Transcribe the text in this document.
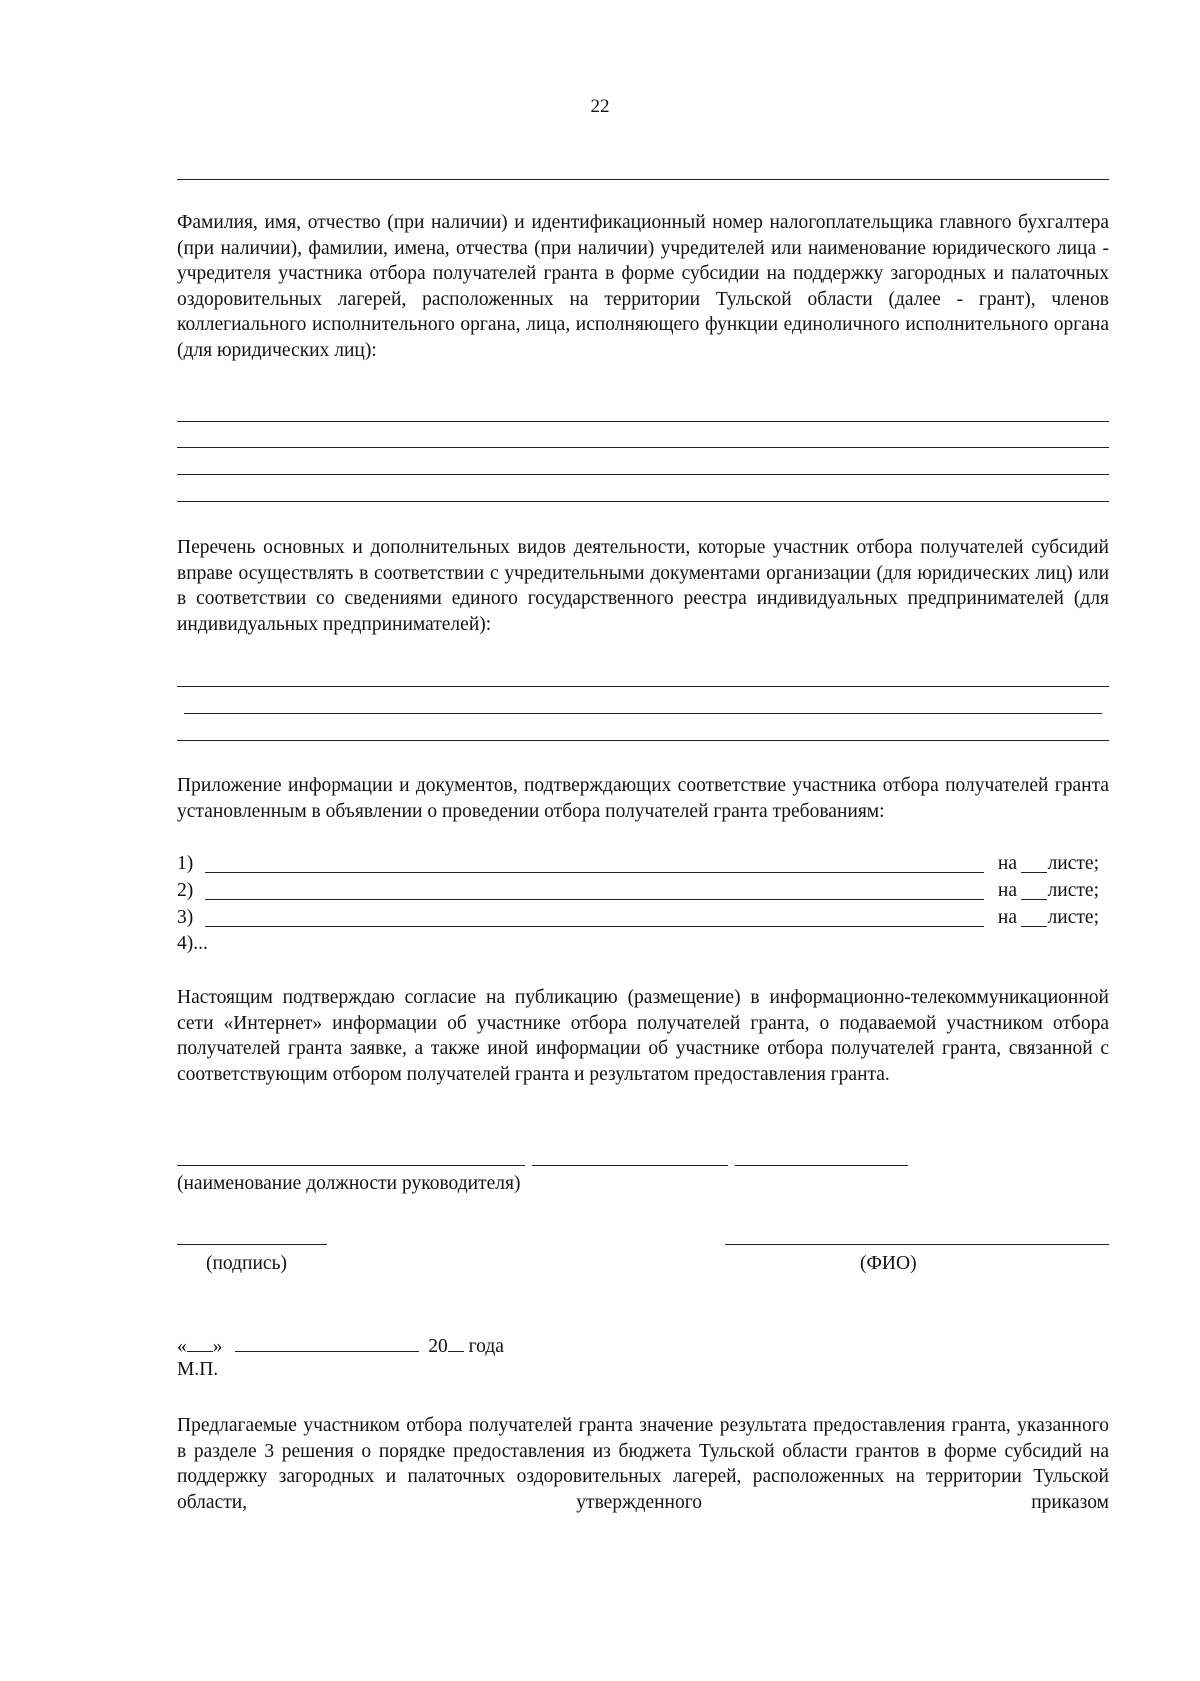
22
Фамилия, имя, отчество (при наличии) и идентификационный номер налогоплательщика главного бухгалтера (при наличии), фамилии, имена, отчества (при наличии) учредителей или наименование юридического лица - учредителя участника отбора получателей гранта в форме субсидии на поддержку загородных и палаточных оздоровительных лагерей, расположенных на территории Тульской области (далее - грант), членов коллегиального исполнительного органа, лица, исполняющего функции единоличного исполнительного органа (для юридических лиц):
Перечень основных и дополнительных видов деятельности, которые участник отбора получателей субсидий вправе осуществлять в соответствии с учредительными документами организации (для юридических лиц) или в соответствии со сведениями единого государственного реестра индивидуальных предпринимателей (для индивидуальных предпринимателей):
Приложение информации и документов, подтверждающих соответствие участника отбора получателей гранта установленным в объявлении о проведении отбора получателей гранта требованиям:
1)	на листе;
2)	на листе;
3)	на листе;
4)...
Настоящим подтверждаю согласие на публикацию (размещение) в информационно-телекоммуникационной сети «Интернет» информации об участнике отбора получателей гранта, о подаваемой участником отбора получателей гранта заявке, а также иной информации об участнике отбора получателей гранта, связанной с соответствующим отбором получателей гранта и результатом предоставления гранта.
(наименование должности руководителя)
(подпись)	(ФИО)
« »	20 года
М.П.
Предлагаемые участником отбора получателей гранта значение результата предоставления гранта, указанного в разделе 3 решения о порядке предоставления из бюджета Тульской области грантов в форме субсидий на поддержку загородных и палаточных оздоровительных лагерей, расположенных на территории Тульской области, утвержденного приказом
